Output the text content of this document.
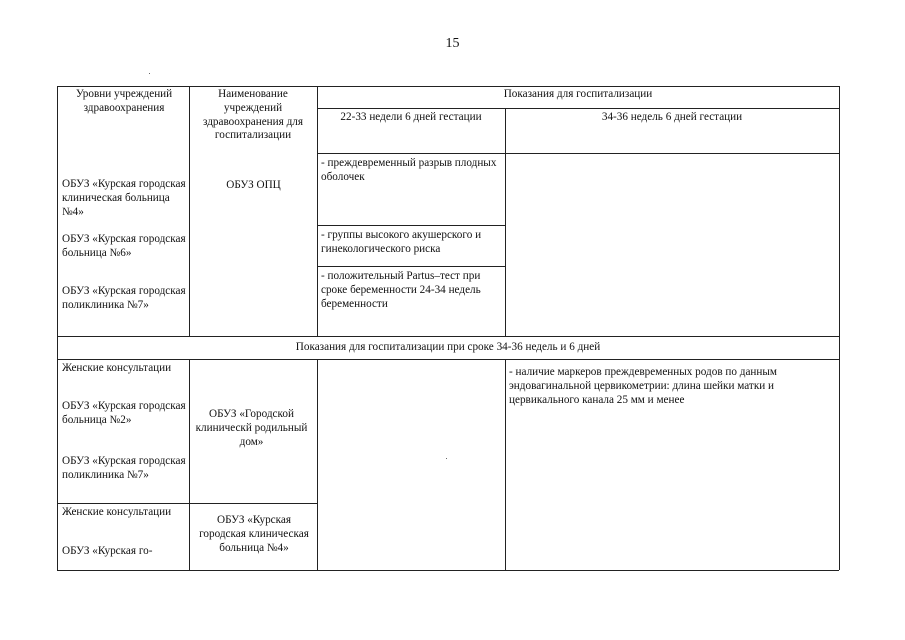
15
Уровни учреждений здравоохранения
Наименование учреждений здравоохранения для госпитализации
Показания для госпитализации
22-33 недели 6 дней гестации	34-36 недель 6 дней гестации
ОБУЗ «Курская городская клиническая больница №4»
ОБУЗ «Курская городская больница №6»
ОБУЗ «Курская городская поликлиника №7»
ОБУЗ ОПЦ
- преждевременный разрыв плодных оболочек
- группы высокого акушерского и гинекологического риска
- положительный Partus–тест при сроке беременности 24-34 недель беременности
Показания для госпитализации при сроке 34-36 недель и 6 дней
Женские консультации
ОБУЗ «Курская городская больница №2»
ОБУЗ «Курская городская поликлиника №7»
ОБУЗ «Городской клиническй родильный дом»
- наличие маркеров преждевременных родов по данным эндовагинальной цервикометрии: длина шейки матки и цервикального канала 25 мм и менее
Женские консультации
ОБУЗ «Курская го-
ОБУЗ «Курская городская клиническая больница №4»
